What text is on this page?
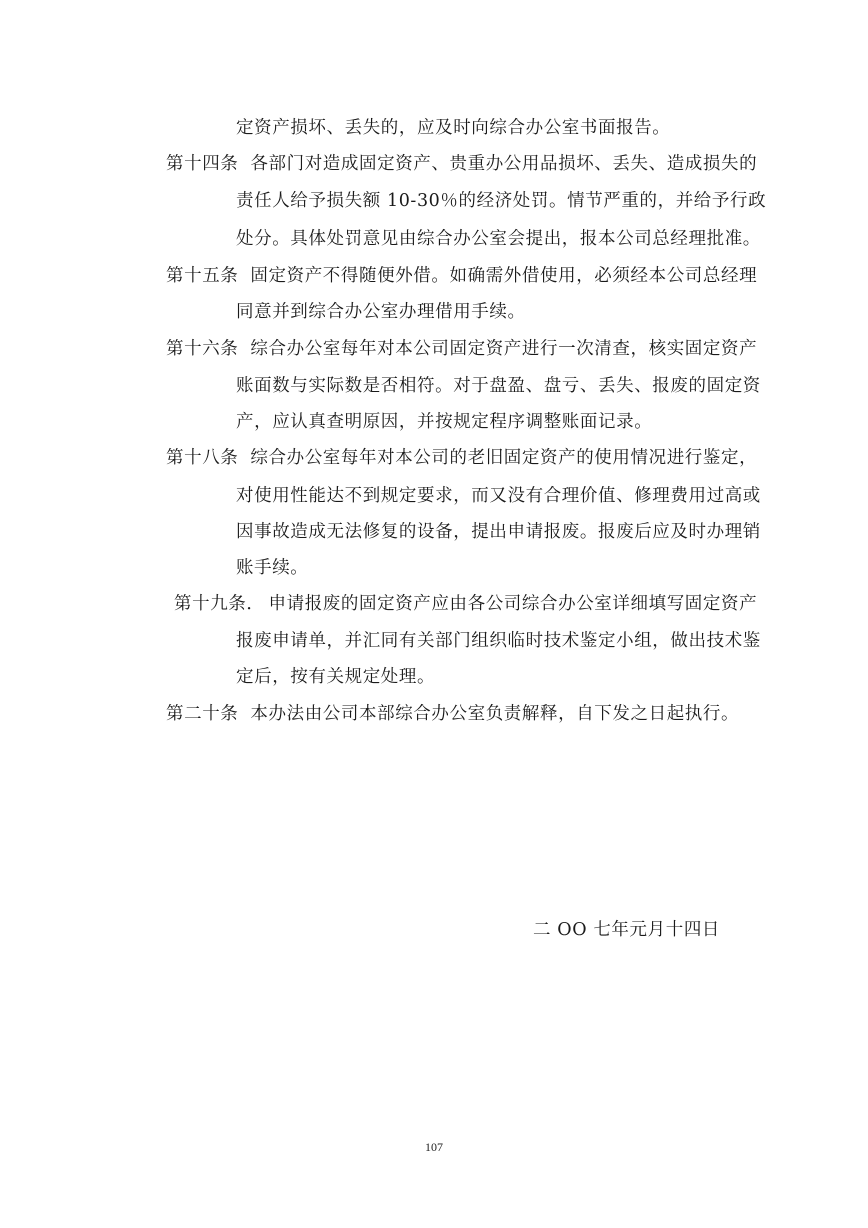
定资产损坏、丢失的，应及时向综合办公室书面报告。
第十四条 各部门对造成固定资产、贵重办公用品损坏、丢失、造成损失的
责任人给予损失额 10-30％的经济处罚。情节严重的，并给予行政
处分。具体处罚意见由综合办公室会提出，报本公司总经理批准。
第十五条 固定资产不得随便外借。如确需外借使用，必须经本公司总经理
同意并到综合办公室办理借用手续。
第十六条 综合办公室每年对本公司固定资产进行一次清查，核实固定资产
账面数与实际数是否相符。对于盘盈、盘亏、丢失、报废的固定资
产，应认真查明原因，并按规定程序调整账面记录。
第十八条 综合办公室每年对本公司的老旧固定资产的使用情况进行鉴定，
对使用性能达不到规定要求，而又没有合理价值、修理费用过高或
因事故造成无法修复的设备，提出申请报废。报废后应及时办理销
账手续。
第十九条． 申请报废的固定资产应由各公司综合办公室详细填写固定资产
报废申请单，并汇同有关部门组织临时技术鉴定小组，做出技术鉴
定后，按有关规定处理。
第二十条 本办法由公司本部综合办公室负责解释，自下发之日起执行。
二 OO 七年元月十四日
107
